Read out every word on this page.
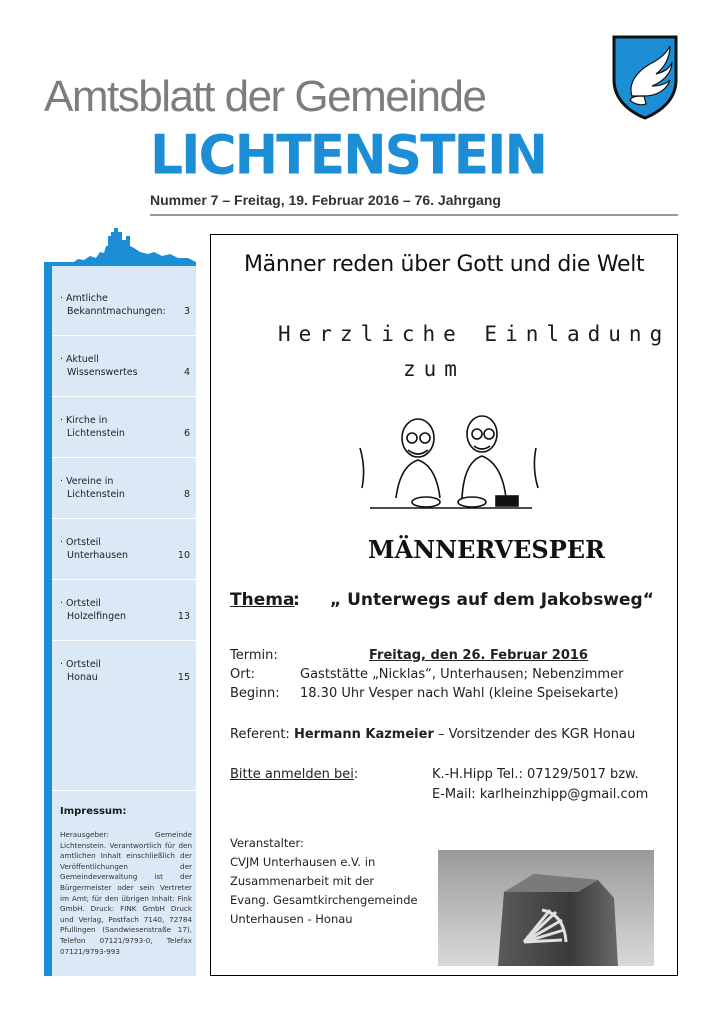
Amtsblatt der Gemeinde
LICHTENSTEIN
Nummer 7 – Freitag, 19. Februar 2016 – 76. Jahrgang
· Amtliche
Bekanntmachungen: 3
· Aktuell
Wissenswertes	4
· Kirche in
Lichtenstein	6
· Vereine in
Lichtenstein	8
· Ortsteil
Unterhausen	10
· Ortsteil
Holzelfingen	13
· Ortsteil
Honau	15
Impressum:
Herausgeber: Gemeinde Lichtenstein. Verantwortlich für den amtlichen Inhalt einschließlich der Veröffentlichungen der Gemeindeverwaltung ist der Bürgermeister oder sein Vertreter im Amt; für den übrigen Inhalt: Fink GmbH. Druck: FINK GmbH Druck und Verlag, Postfach 7140, 72784 Pfullingen (Sandwiesenstraße 17), Telefon 07121/9793-0, Telefax 07121/9793-993
Männer reden über Gott und die Welt
Herzliche Einladung
zum
MÄNNERVESPER
Thema
: „ Unterwegs auf dem Jakobsweg“
Termin:	Freitag, den 26. Februar 2016
Ort:	Gaststätte „Nicklas“, Unterhausen; Nebenzimmer
Beginn: 18.30 Uhr Vesper nach Wahl (kleine Speisekarte)
Referent: Hermann Kazmeier – Vorsitzender des KGR Honau
Bitte anmelden bei:	K.-H.Hipp Tel.: 07129/5017 bzw.
E-Mail: karlheinzhipp@gmail.com
Veranstalter:
CVJM Unterhausen e.V. in
Zusammenarbeit mit der
Evang. Gesamtkirchengemeinde
Unterhausen - Honau
